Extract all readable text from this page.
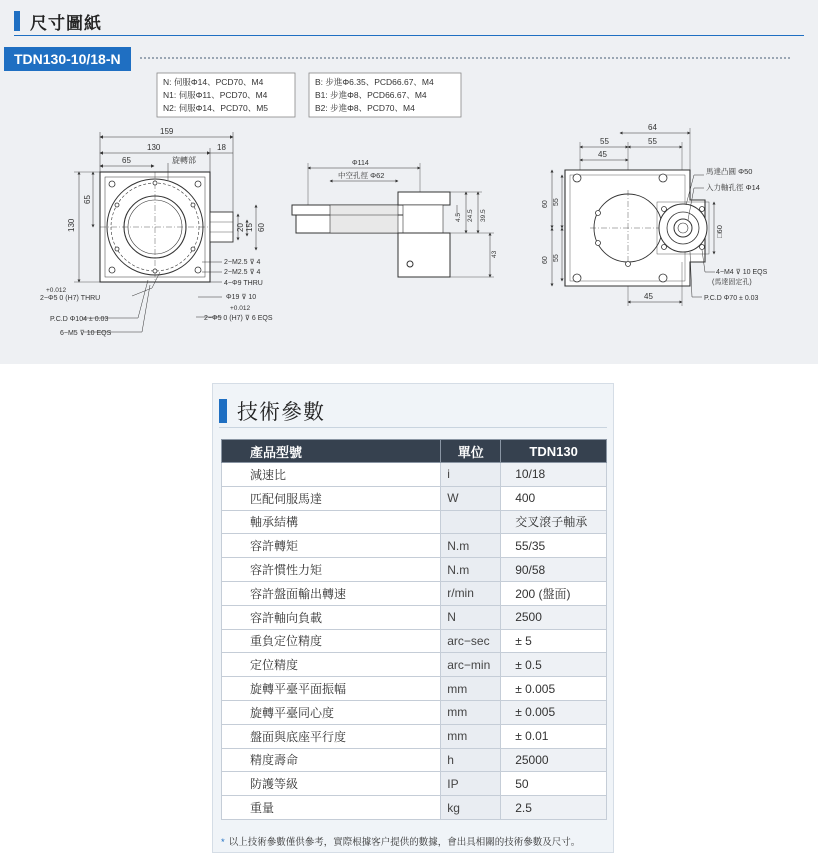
尺寸圖紙
TDN130-10/18-N
N: 伺服Φ14、PCD70、M4
N1: 伺服Φ11、PCD70、M4
N2: 伺服Φ14、PCD70、M5
B: 步進Φ6.35、PCD66.67、M4
B1: 步進Φ8、PCD66.67、M4
B2: 步進Φ8、PCD70、M4
159
130	18
65	旋轉部
130
65
20 15 60
2−M2.5 ⊽ 4
2−M2.5 ⊽ 4
4−Φ9 THRU
Φ19 ⊽ 10
+0.012
2−Φ5 0 (H7) THRU
+0.012
2−Φ5 0 (H7) ⊽ 6 EQS
P.C.D Φ104 ± 0.03
6−M5 ⊽ 10 EQS
Φ114
中空孔徑 Φ62
4.5 24.5 39.5
43
64
55	55
45
馬達凸圓 Φ50
入力軸孔徑 Φ14
60 55
60 55
□60
4−M4 ⊽ 10 EQS
(馬達固定孔)
45	P.C.D Φ70 ± 0.03
技術參數
產品型號	單位	TDN130
減速比	i	10/18
匹配伺服馬達	W	400
軸承結構		交叉滾子軸承
容許轉矩	N.m	55/35
容許慣性力矩	N.m	90/58
容許盤面輸出轉速	r/min	200 (盤面)
容許軸向負載	N	2500
重負定位精度	arc−sec	± 5
定位精度	arc−min	± 0.5
旋轉平臺平面振幅	mm	± 0.005
旋轉平臺同心度	mm	± 0.005
盤面與底座平行度	mm	± 0.01
精度壽命	h	25000
防護等級	IP	50
重量	kg	2.5
* 以上技術參數僅供參考，實際根據客户提供的數據，會出具相關的技術參數及尺寸。
